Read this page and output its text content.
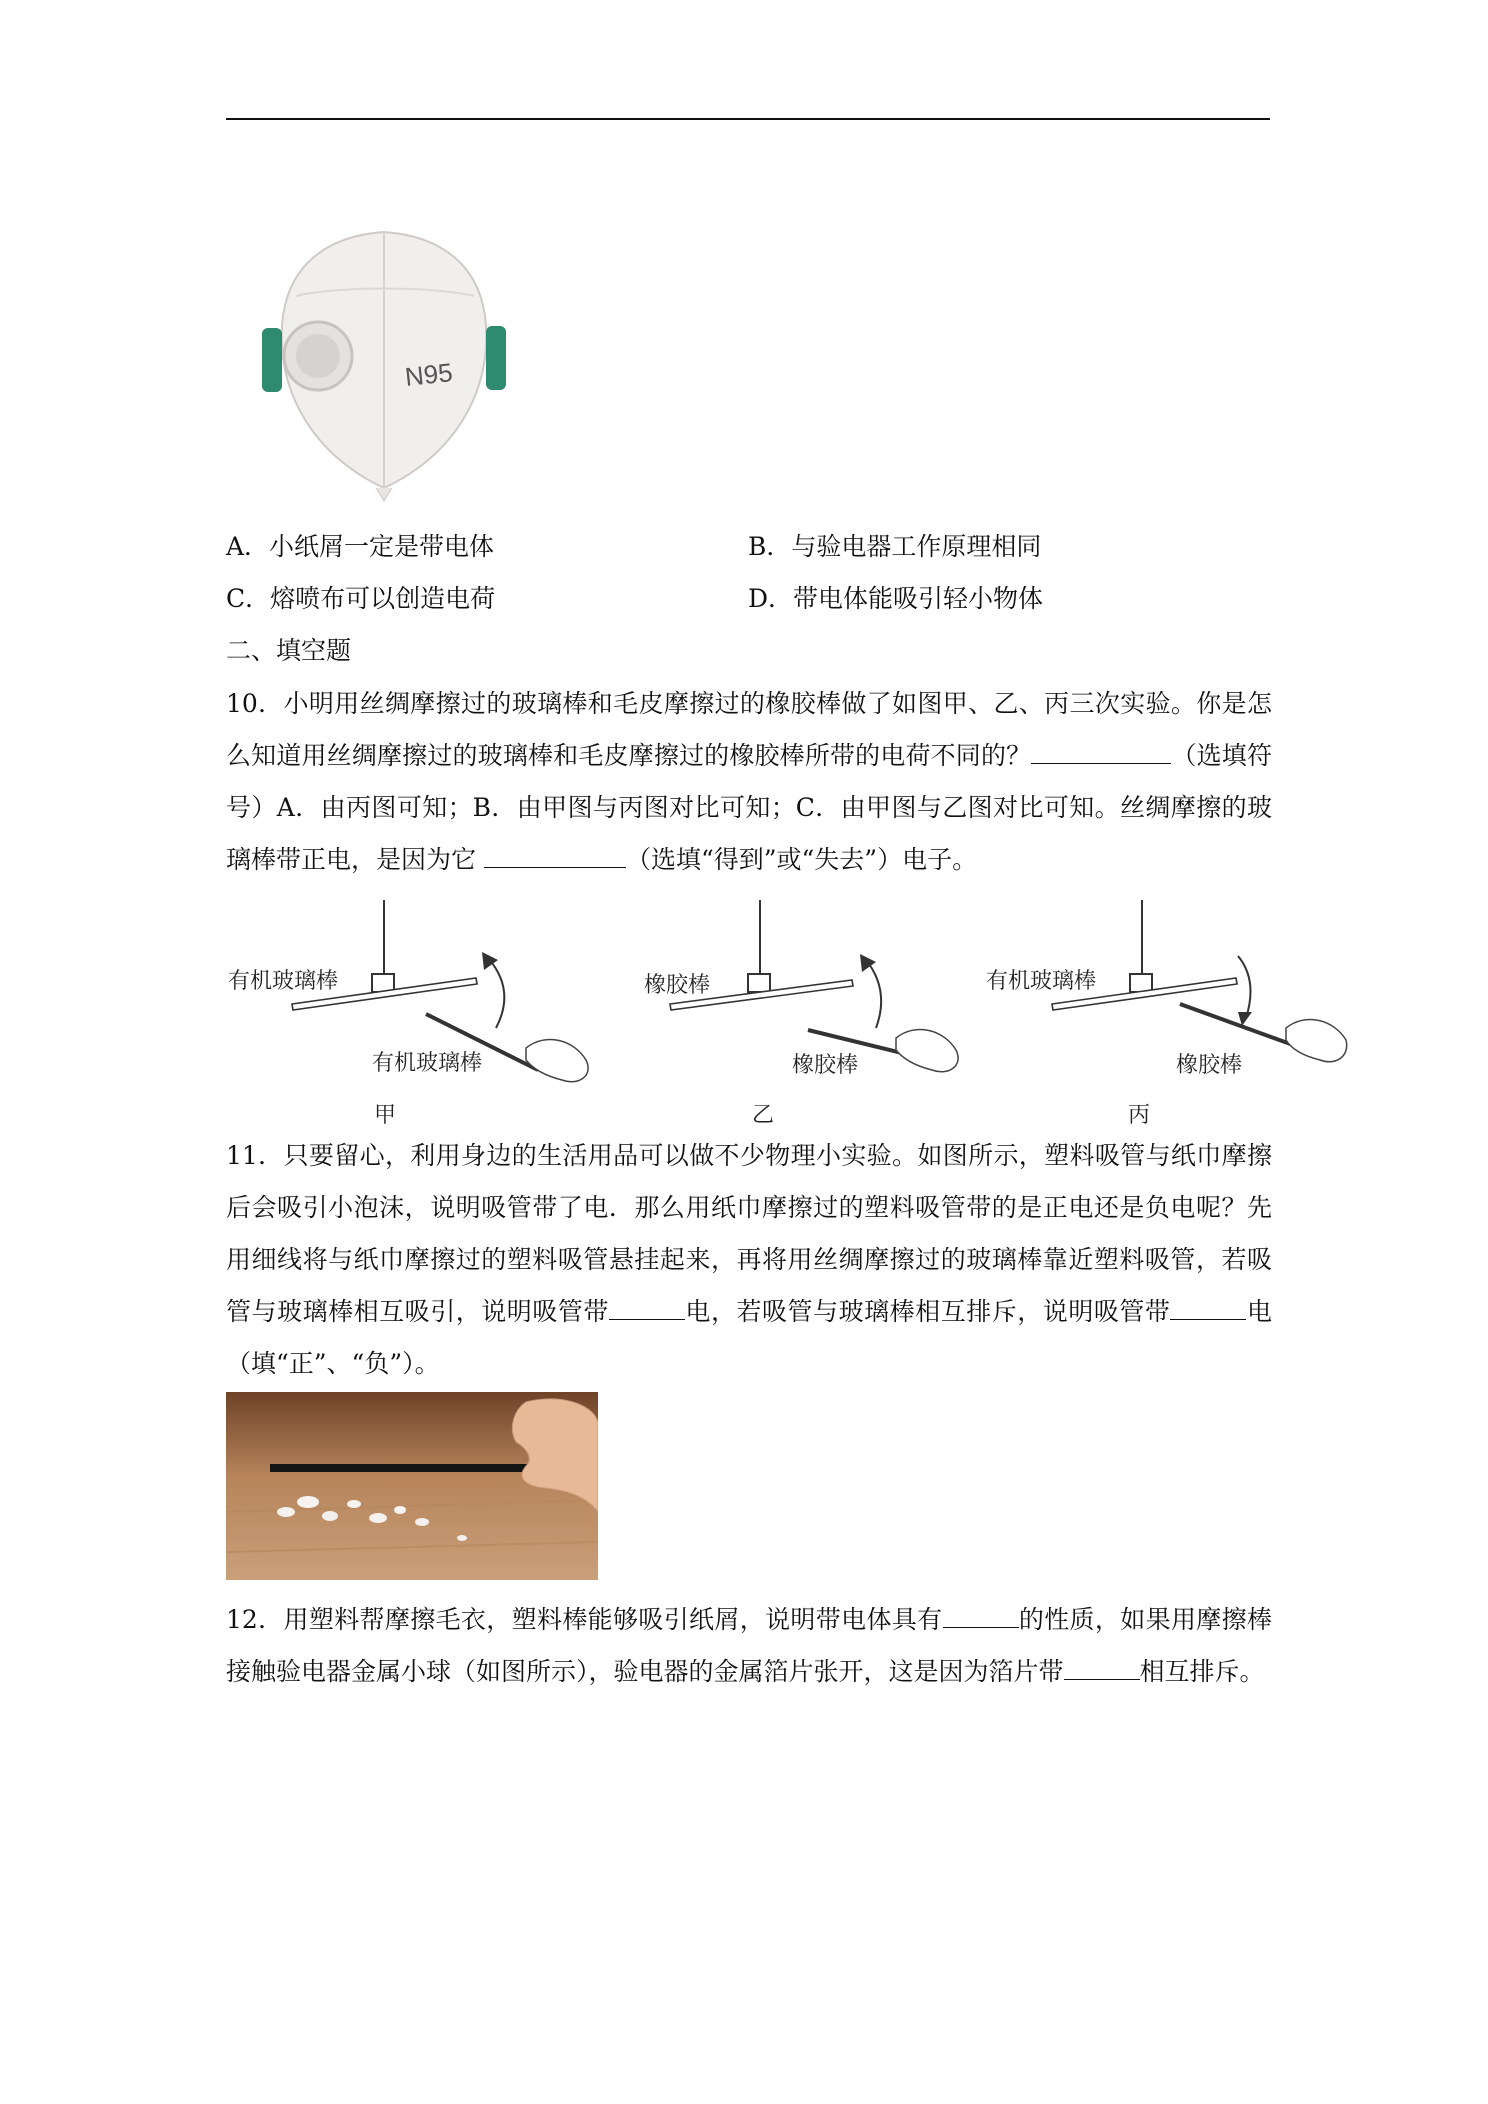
N95
A．小纸屑一定是带电体	B．与验电器工作原理相同
C．熔喷布可以创造电荷	D．带电体能吸引轻小物体
二、填空题

10．小明用丝绸摩擦过的玻璃棒和毛皮摩擦过的橡胶棒做了如图甲、乙、丙三次实验。你是怎么知道用丝绸摩擦过的玻璃棒和毛皮摩擦过的橡胶棒所带的电荷不同的？	（选填符号）A．由丙图可知；B．由甲图与丙图对比可知；C．由甲图与乙图对比可知。丝绸摩擦的玻璃棒带正电，是因为它	（选填“得到”或“失去”）电子。

有机玻璃棒
有机玻璃棒
甲
橡胶棒
橡胶棒
乙
有机玻璃棒
橡胶棒
丙

11．只要留心，利用身边的生活用品可以做不少物理小实验。如图所示，塑料吸管与纸巾摩擦后会吸引小泡沫，说明吸管带了电．那么用纸巾摩擦过的塑料吸管带的是正电还是负电呢？先用细线将与纸巾摩擦过的塑料吸管悬挂起来，再将用丝绸摩擦过的玻璃棒靠近塑料吸管，若吸管与玻璃棒相互吸引，说明吸管带	电，若吸管与玻璃棒相互排斥，说明吸管带	电（填“正”、“负”）。

12．用塑料帮摩擦毛衣，塑料棒能够吸引纸屑，说明带电体具有	的性质，如果用摩擦棒接触验电器金属小球（如图所示），验电器的金属箔片张开，这是因为箔片带	相互排斥。
